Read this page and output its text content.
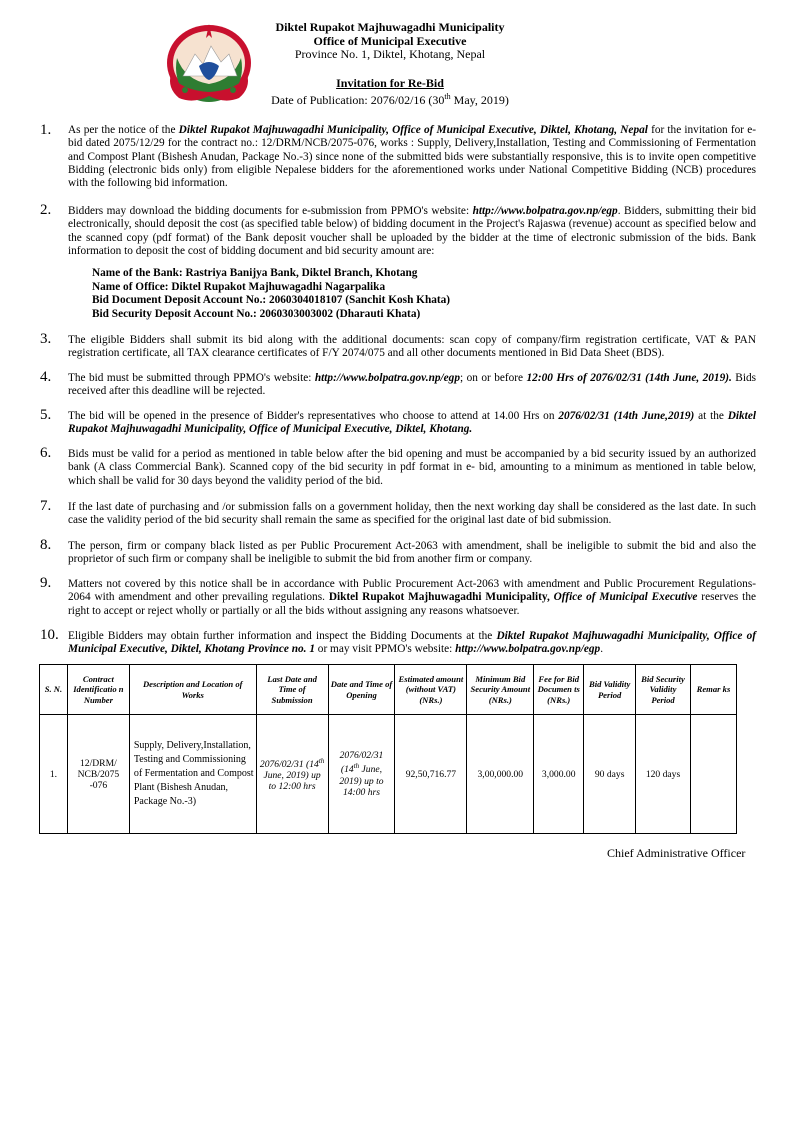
Diktel Rupakot Majhuwagadhi Municipality
Office of Municipal Executive
Province No. 1, Diktel, Khotang, Nepal
Invitation for Re-Bid
Date of Publication: 2076/02/16 (30th May, 2019)
1. As per the notice of the Diktel Rupakot Majhuwagadhi Municipality, Office of Municipal Executive, Diktel, Khotang, Nepal for the invitation for e-bid dated 2075/12/29 for the contract no.: 12/DRM/NCB/2075-076, works : Supply, Delivery,Installation, Testing and Commissioning of Fermentation and Compost Plant (Bishesh Anudan, Package No.-3) since none of the submitted bids were substantially responsive, this is to invite open competitive Bidding (electronic bids only) from eligible Nepalese bidders for the aforementioned works under National Competitive Bidding (NCB) procedures with the following bid information.
2. Bidders may download the bidding documents for e-submission from PPMO's website: http://www.bolpatra.gov.np/egp. Bidders, submitting their bid electronically, should deposit the cost (as specified table below) of bidding document in the Project's Rajaswa (revenue) account as specified below and the scanned copy (pdf format) of the Bank deposit voucher shall be uploaded by the bidder at the time of electronic submission of the bids. Bank information to deposit the cost of bidding document and bid security amount are:
Name of the Bank: Rastriya Banijya Bank, Diktel Branch, Khotang
Name of Office: Diktel Rupakot Majhuwagadhi Nagarpalika
Bid Document Deposit Account No.: 2060304018107 (Sanchit Kosh Khata)
Bid Security Deposit Account No.: 2060303003002 (Dharauti Khata)
3. The eligible Bidders shall submit its bid along with the additional documents: scan copy of company/firm registration certificate, VAT & PAN registration certificate, all TAX clearance certificates of F/Y 2074/075 and all other documents mentioned in Bid Data Sheet (BDS).
4. The bid must be submitted through PPMO's website: http://www.bolpatra.gov.np/egp; on or before 12:00 Hrs of 2076/02/31 (14th June, 2019). Bids received after this deadline will be rejected.
5. The bid will be opened in the presence of Bidder's representatives who choose to attend at 14.00 Hrs on 2076/02/31 (14th June,2019) at the Diktel Rupakot Majhuwagadhi Municipality, Office of Municipal Executive, Diktel, Khotang.
6. Bids must be valid for a period as mentioned in table below after the bid opening and must be accompanied by a bid security issued by an authorized bank (A class Commercial Bank). Scanned copy of the bid security in pdf format in e- bid, amounting to a minimum as mentioned in table below, which shall be valid for 30 days beyond the validity period of the bid.
7. If the last date of purchasing and /or submission falls on a government holiday, then the next working day shall be considered as the last date. In such case the validity period of the bid security shall remain the same as specified for the original last date of bid submission.
8. The person, firm or company black listed as per Public Procurement Act-2063 with amendment, shall be ineligible to submit the bid and also the proprietor of such firm or company shall be ineligible to submit the bid from another firm or company.
9. Matters not covered by this notice shall be in accordance with Public Procurement Act-2063 with amendment and Public Procurement Regulations- 2064 with amendment and other prevailing regulations. Diktel Rupakot Majhuwagadhi Municipality, Office of Municipal Executive reserves the right to accept or reject wholly or partially or all the bids without assigning any reasons whatsoever.
10. Eligible Bidders may obtain further information and inspect the Bidding Documents at the Diktel Rupakot Majhuwagadhi Municipality, Office of Municipal Executive, Diktel, Khotang Province no. 1 or may visit PPMO's website: http://www.bolpatra.gov.np/egp.
S. N.	Contract Identificatio n Number	Description and Location of Works	Last Date and Time of Submission	Date and Time of Opening	Estimated amount (without VAT) (NRs.)	Minimum Bid Security Amount (NRs.)	Fee for Bid Documen ts (NRs.)	Bid Validity Period	Bid Security Validity Period	Remar ks
1.	12/DRM/ NCB/2075 -076	Supply, Delivery,Installation, Testing and Commissioning of Fermentation and Compost Plant (Bishesh Anudan, Package No.-3)	2076/02/31 (14th June, 2019) up to 12:00 hrs	2076/02/31 (14th June, 2019) up to 14:00 hrs	92,50,716.77	3,00,000.00	3,000.00	90 days	120 days	
Chief Administrative Officer
